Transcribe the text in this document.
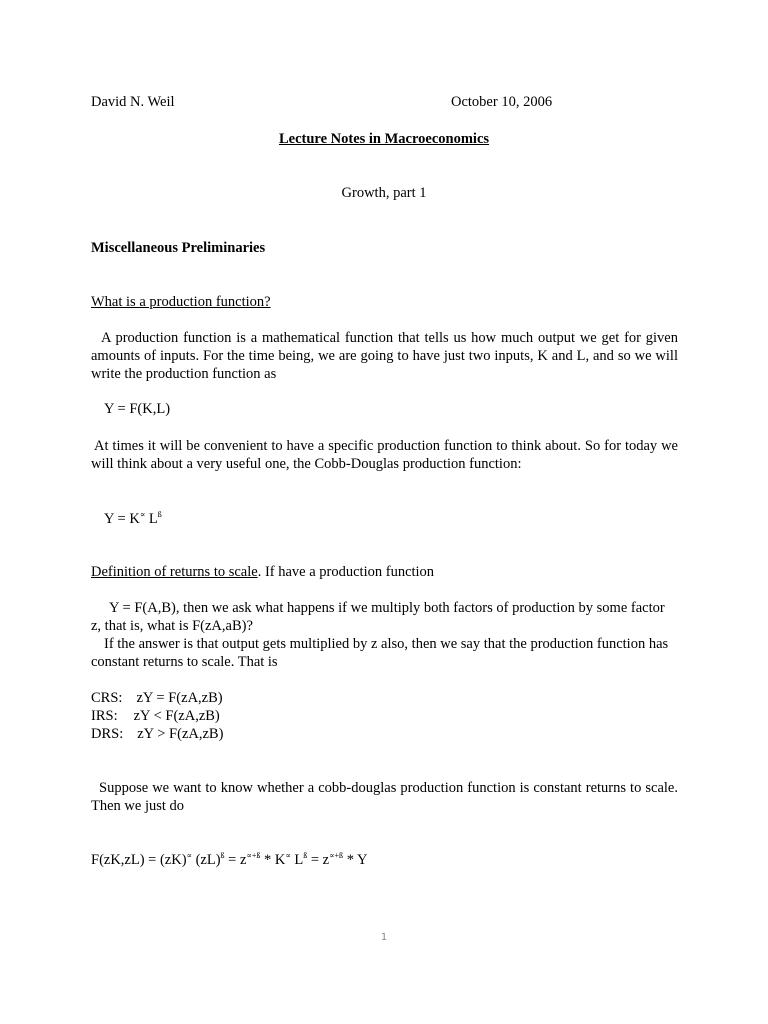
David N. Weil	October 10, 2006
Lecture Notes in Macroeconomics
Growth, part 1
Miscellaneous Preliminaries
What is a production function?
A production function is a mathematical function that tells us how much output we get for given amounts of inputs. For the time being, we are going to have just two inputs, K and L, and so we will write the production function as
Y = F(K,L)
At times it will be convenient to have a specific production function to think about. So for today we will think about a very useful one, the Cobb-Douglas production function:
Y = K∝ $L^ß$
Definition of returns to scale. If have a production function
Y = F(A,B), then we ask what happens if we multiply both factors of production by some factor
z, that is, what is F(zA,aB)?
If the answer is that output gets multiplied by z also, then we say that the production function has
constant returns to scale. That is
CRS: zY = F(zA,zB)
IRS: zY < F(zA,zB)
DRS: zY > F(zA,zB)
Suppose we want to know whether a cobb-douglas production function is constant returns to scale. Then we just do
F(zK,zL) = (zK)∝ $(zL)^ß = z^{\propto+ß} * K^\propto$ $L^ß = z^{\propto+ß} * Y$
1
